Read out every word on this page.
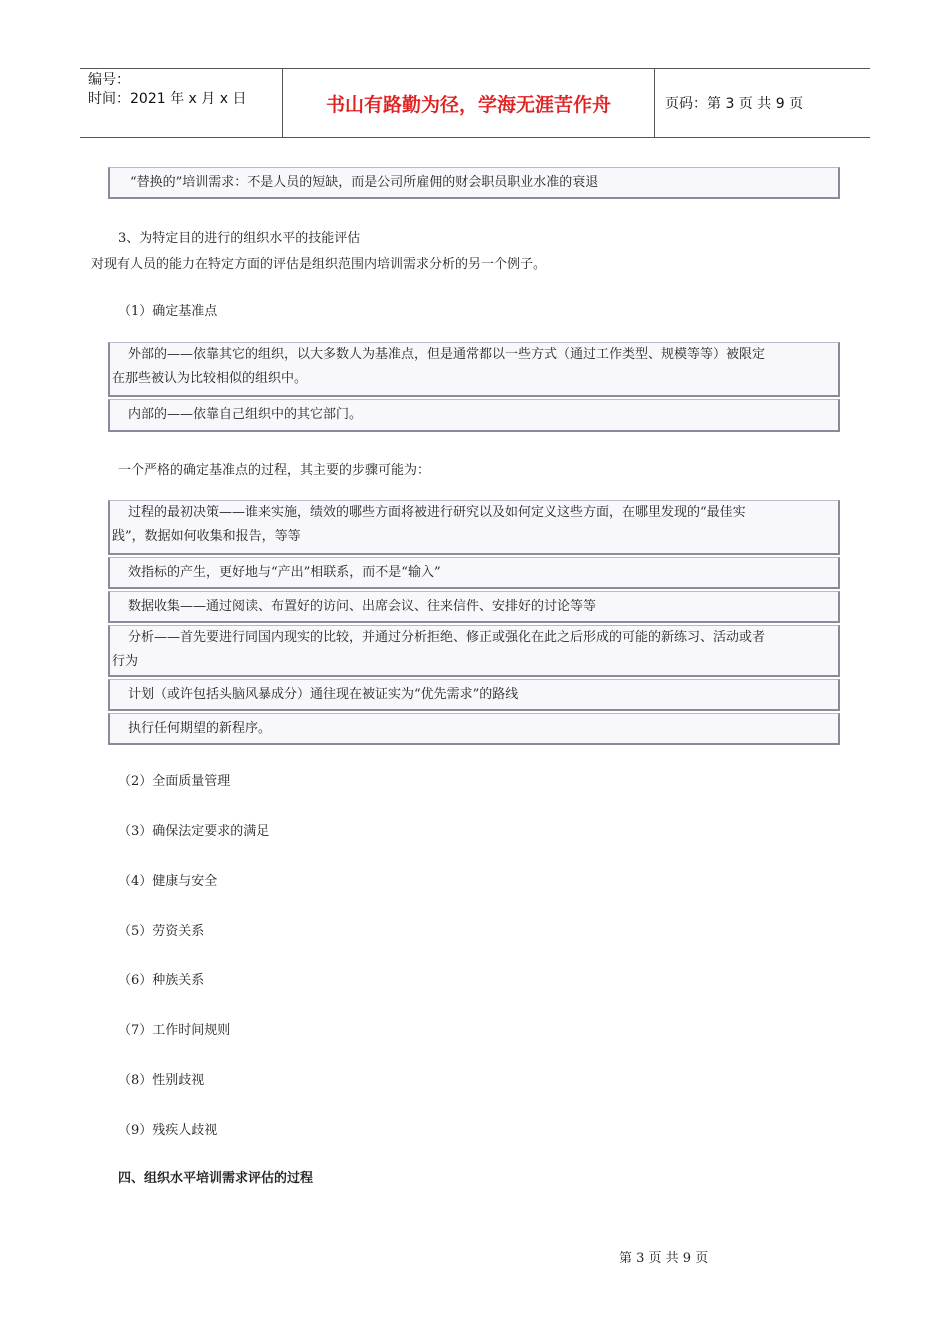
编号：
时间：2021 年 x 月 x 日	书山有路勤为径，学海无涯苦作舟	页码：第 3 页 共 9 页
“替换的”培训需求：不是人员的短缺，而是公司所雇佣的财会职员职业水准的衰退
3、为特定目的进行的组织水平的技能评估
对现有人员的能力在特定方面的评估是组织范围内培训需求分析的另一个例子。
（1）确定基准点
外部的——依靠其它的组织，以大多数人为基准点，但是通常都以一些方式（通过工作类型、规模等等）被限定
在那些被认为比较相似的组织中。
内部的——依靠自己组织中的其它部门。
一个严格的确定基准点的过程，其主要的步骤可能为：
过程的最初决策——谁来实施，绩效的哪些方面将被进行研究以及如何定义这些方面，在哪里发现的“最佳实
践”，数据如何收集和报告，等等
效指标的产生，更好地与“产出”相联系，而不是“输入”
数据收集——通过阅读、布置好的访问、出席会议、往来信件、安排好的讨论等等
分析——首先要进行同国内现实的比较，并通过分析拒绝、修正或强化在此之后形成的可能的新练习、活动或者
行为
计划（或许包括头脑风暴成分）通往现在被证实为“优先需求”的路线
执行任何期望的新程序。
（2）全面质量管理
（3）确保法定要求的满足
（4）健康与安全
（5）劳资关系
（6）种族关系
（7）工作时间规则
（8）性别歧视
（9）残疾人歧视
四、组织水平培训需求评估的过程
第 3 页 共 9 页
